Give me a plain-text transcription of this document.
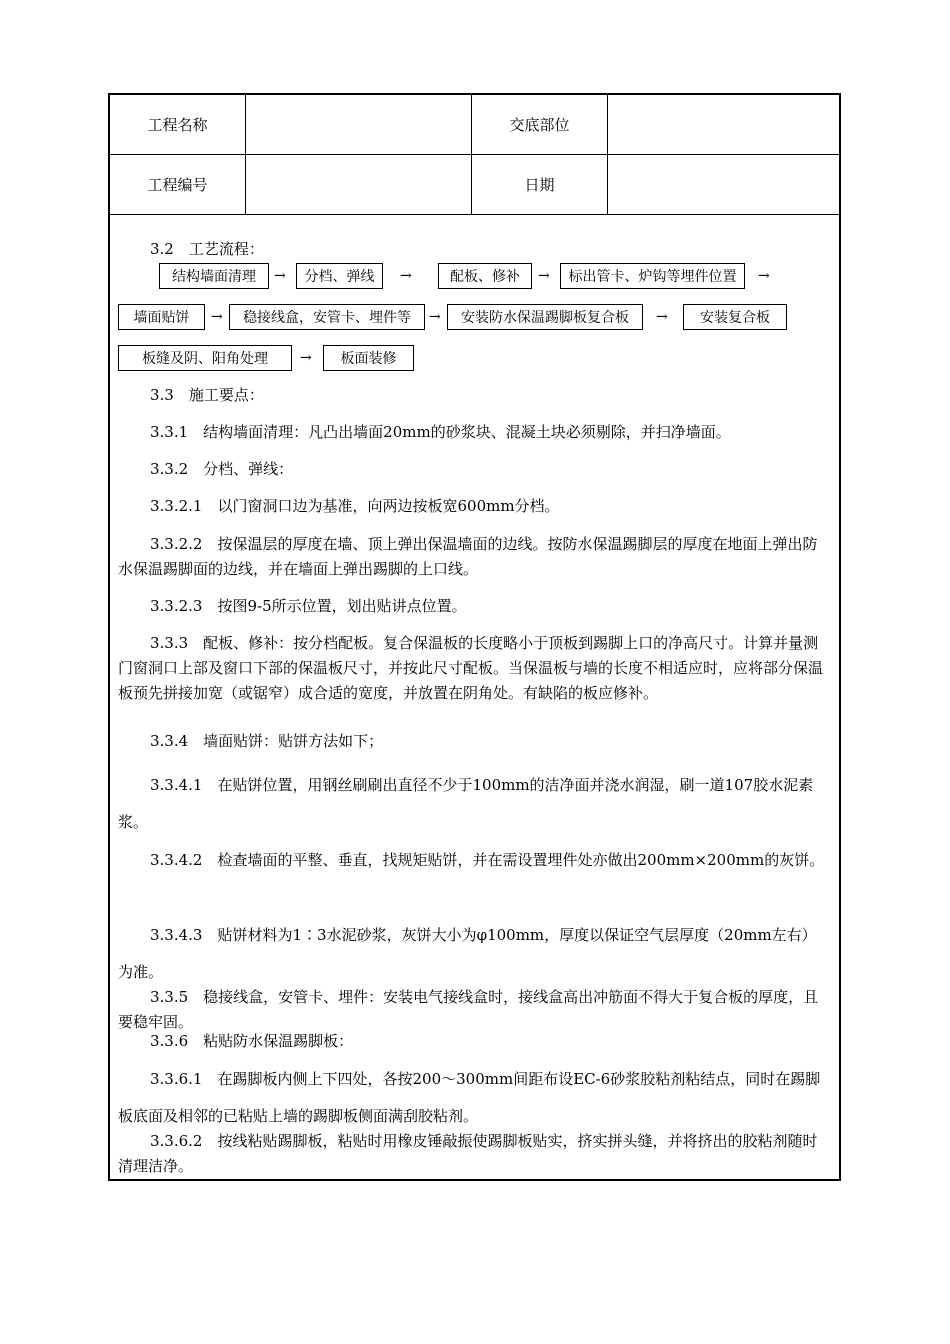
工程名称	交底部位
工程编号	日期
3.2　工艺流程：
结构墙面清理	→	分档、弹线	→	配板、修补	→	标出管卡、炉钩等埋件位置	→
墙面贴饼	→	稳接线盒，安管卡、埋件等	→	安装防水保温踢脚板复合板	→	安装复合板
板缝及阴、阳角处理	→	板面装修
3.3　施工要点：
3.3.1　结构墙面清理：凡凸出墙面20mm的砂浆块、混凝土块必须剔除，并扫净墙面。
3.3.2　分档、弹线：
3.3.2.1　以门窗洞口边为基准，向两边按板宽600mm分档。
3.3.2.2　按保温层的厚度在墙、顶上弹出保温墙面的边线。按防水保温踢脚层的厚度在地面上弹出防水保温踢脚面的边线，并在墙面上弹出踢脚的上口线。
3.3.2.3　按图9-5所示位置，划出贴讲点位置。
3.3.3　配板、修补：按分档配板。复合保温板的长度略小于顶板到踢脚上口的净高尺寸。计算并量测门窗洞口上部及窗口下部的保温板尺寸，并按此尺寸配板。当保温板与墙的长度不相适应时，应将部分保温板预先拼接加宽（或锯窄）成合适的宽度，并放置在阴角处。有缺陷的板应修补。
3.3.4　墙面贴饼：贴饼方法如下；
3.3.4.1　在贴饼位置，用钢丝刷刷出直径不少于100mm的洁净面并浇水润湿，刷一道107胶水泥素浆。
3.3.4.2　检查墙面的平整、垂直，找规矩贴饼，并在需设置埋件处亦做出200mm×200mm的灰饼。
3.3.4.3　贴饼材料为1∶3水泥砂浆，灰饼大小为φ100mm，厚度以保证空气层厚度（20mm左右）为准。
3.3.5　稳接线盒，安管卡、埋件：安装电气接线盒时，接线盒高出冲筋面不得大于复合板的厚度，且要稳牢固。
3.3.6　粘贴防水保温踢脚板：
3.3.6.1　在踢脚板内侧上下四处，各按200～300mm间距布设EC-6砂浆胶粘剂粘结点，同时在踢脚板底面及相邻的已粘贴上墙的踢脚板侧面满刮胶粘剂。
3.3.6.2　按线粘贴踢脚板，粘贴时用橡皮锤敲振使踢脚板贴实，挤实拼头缝，并将挤出的胶粘剂随时清理洁净。
